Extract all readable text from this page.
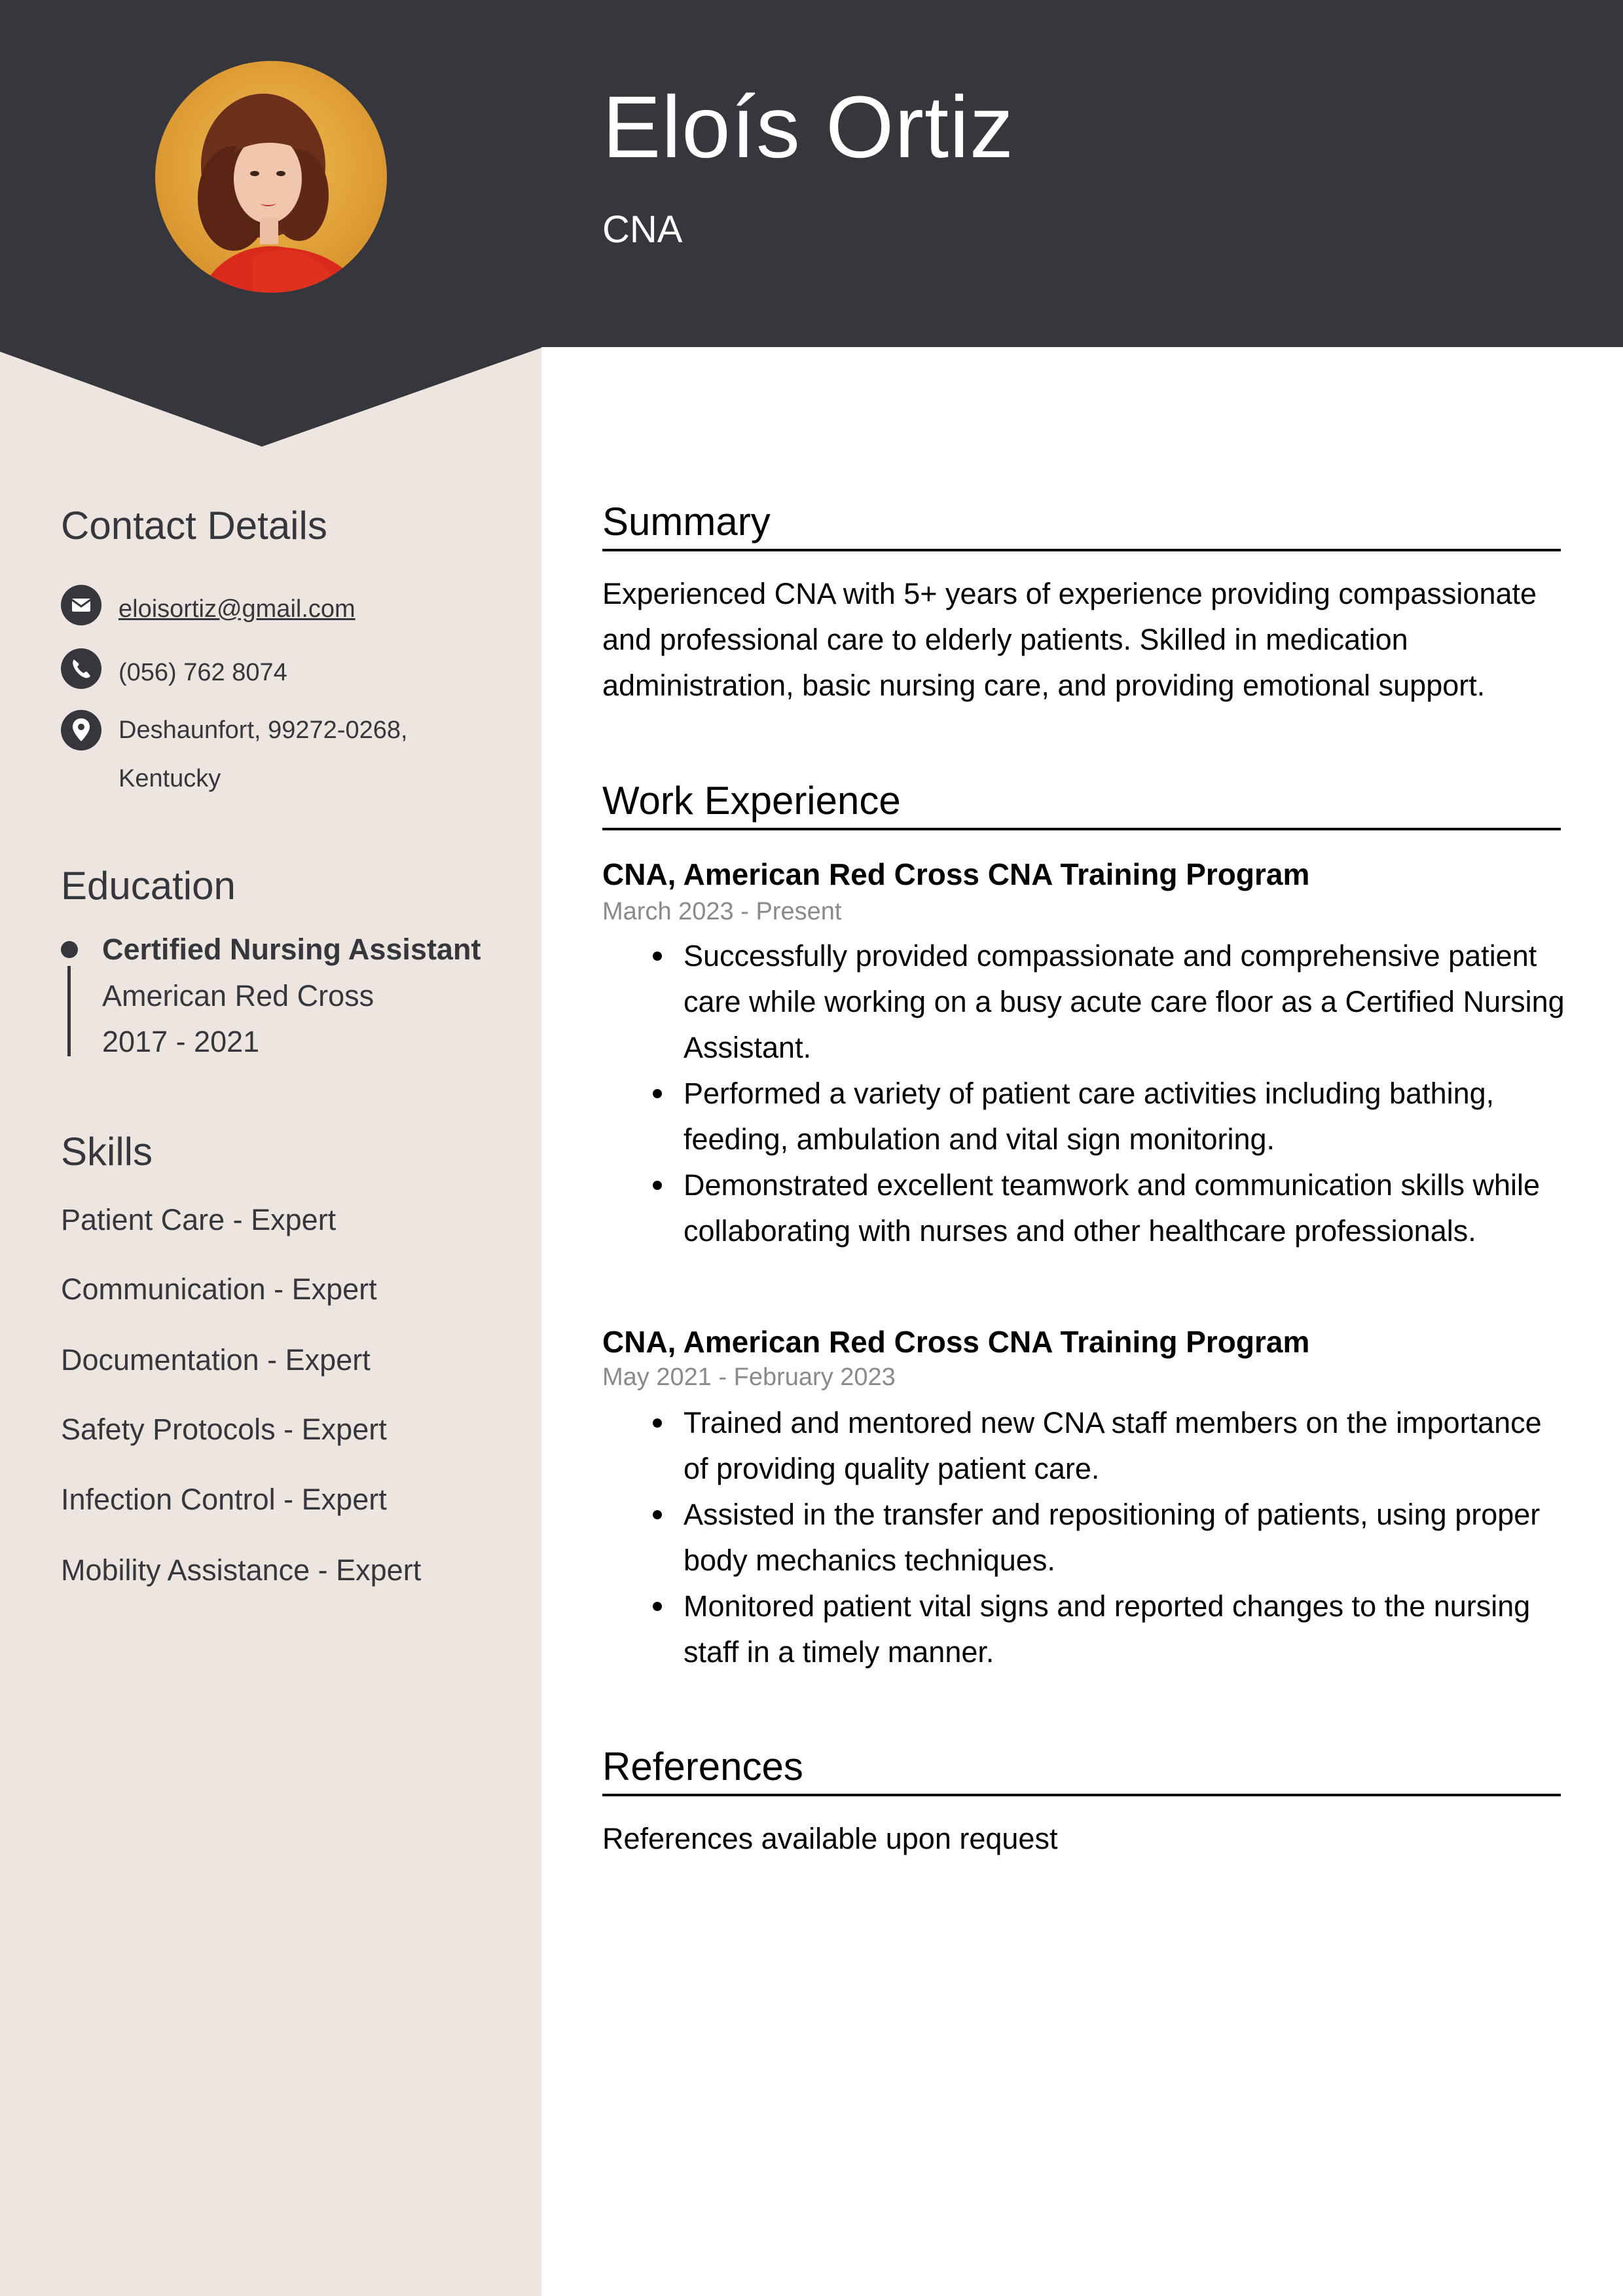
Eloís Ortiz
CNA
Contact Details
eloisortiz@gmail.com
(056) 762 8074
Deshaunfort, 99272-0268,
Kentucky
Education
Certified Nursing Assistant
American Red Cross
2017 - 2021
Skills
Patient Care - Expert
Communication - Expert
Documentation - Expert
Safety Protocols - Expert
Infection Control - Expert
Mobility Assistance - Expert
Summary
Experienced CNA with 5+ years of experience providing compassionate and professional care to elderly patients. Skilled in medication administration, basic nursing care, and providing emotional support.
Work Experience
CNA, American Red Cross CNA Training Program
March 2023 - Present
Successfully provided compassionate and comprehensive patient care while working on a busy acute care floor as a Certified Nursing Assistant.
Performed a variety of patient care activities including bathing, feeding, ambulation and vital sign monitoring.
Demonstrated excellent teamwork and communication skills while collaborating with nurses and other healthcare professionals.
CNA, American Red Cross CNA Training Program
May 2021 - February 2023
Trained and mentored new CNA staff members on the importance of providing quality patient care.
Assisted in the transfer and repositioning of patients, using proper body mechanics techniques.
Monitored patient vital signs and reported changes to the nursing staff in a timely manner.
References
References available upon request
